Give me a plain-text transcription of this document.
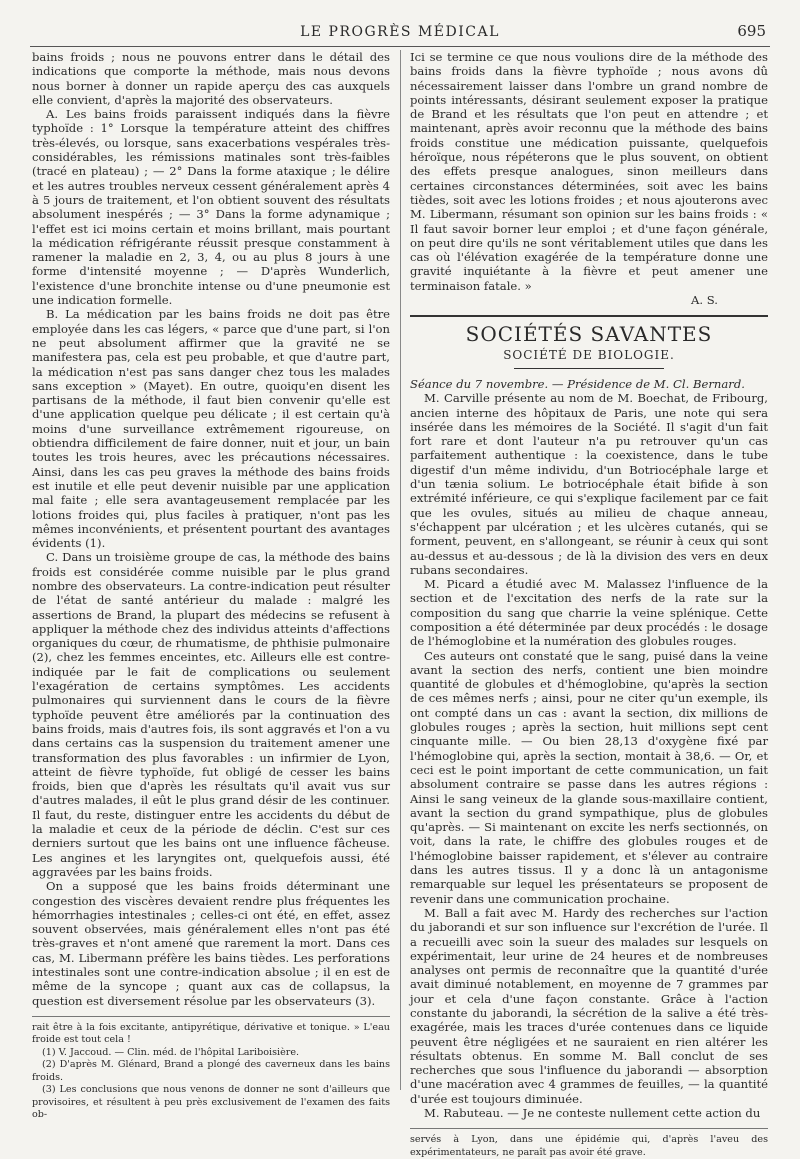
LE PROGRÈS MÉDICAL	695

bains froids ; nous ne pouvons entrer dans le détail des indications que comporte la méthode, mais nous devons nous borner à donner un rapide aperçu des cas auxquels elle convient, d'après la majorité des observateurs.

A. Les bains froids paraissent indiqués dans la fièvre typhoïde : 1° Lorsque la température atteint des chiffres très-élevés, ou lorsque, sans exacerbations vespérales très-considérables, les rémissions matinales sont très-faibles (tracé en plateau) ; — 2° Dans la forme ataxique ; le délire et les autres troubles nerveux cessent généralement après 4 à 5 jours de traitement, et l'on obtient souvent des résultats absolument inespérés ; — 3° Dans la forme adynamique ; l'effet est ici moins certain et moins brillant, mais pourtant la médication réfrigérante réussit presque constamment à ramener la maladie en 2, 3, 4, ou au plus 8 jours à une forme d'intensité moyenne ; — D'après Wunderlich, l'existence d'une bronchite intense ou d'une pneumonie est une indication formelle.

B. La médication par les bains froids ne doit pas être employée dans les cas légers, « parce que d'une part, si l'on ne peut absolument affirmer que la gravité ne se manifestera pas, cela est peu probable, et que d'autre part, la médication n'est pas sans danger chez tous les malades sans exception » (Mayet). En outre, quoiqu'en disent les partisans de la méthode, il faut bien convenir qu'elle est d'une application quelque peu délicate ; il est certain qu'à moins d'une surveillance extrêmement rigoureuse, on obtiendra difficilement de faire donner, nuit et jour, un bain toutes les trois heures, avec les précautions nécessaires. Ainsi, dans les cas peu graves la méthode des bains froids est inutile et elle peut devenir nuisible par une application mal faite ; elle sera avantageusement remplacée par les lotions froides qui, plus faciles à pratiquer, n'ont pas les mêmes inconvénients, et présentent pourtant des avantages évidents (1).

C. Dans un troisième groupe de cas, la méthode des bains froids est considérée comme nuisible par le plus grand nombre des observateurs. La contre-indication peut résulter de l'état de santé antérieur du malade : malgré les assertions de Brand, la plupart des médecins se refusent à appliquer la méthode chez des individus atteints d'affections organiques du cœur, de rhumatisme, de phthisie pulmonaire (2), chez les femmes enceintes, etc. Ailleurs elle est contre-indiquée par le fait de complications ou seulement l'exagération de certains symptômes. Les accidents pulmonaires qui surviennent dans le cours de la fièvre typhoïde peuvent être améliorés par la continuation des bains froids, mais d'autres fois, ils sont aggravés et l'on a vu dans certains cas la suspension du traitement amener une transformation des plus favorables : un infirmier de Lyon, atteint de fièvre typhoïde, fut obligé de cesser les bains froids, bien que d'après les résultats qu'il avait vus sur d'autres malades, il eût le plus grand désir de les continuer. Il faut, du reste, distinguer entre les accidents du début de la maladie et ceux de la période de déclin. C'est sur ces derniers surtout que les bains ont une influence fâcheuse. Les angines et les laryngites ont, quelquefois aussi, été aggravées par les bains froids.

On a supposé que les bains froids déterminant une congestion des viscères devaient rendre plus fréquentes les hémorrhagies intestinales ; celles-ci ont été, en effet, assez souvent observées, mais généralement elles n'ont pas été très-graves et n'ont amené que rarement la mort. Dans ces cas, M. Libermann préfère les bains tièdes. Les perforations intestinales sont une contre-indication absolue ; il en est de même de la syncope ; quant aux cas de collapsus, la question est diversement résolue par les observateurs (3).

rait être à la fois excitante, antipyrétique, dérivative et tonique. » L'eau froide est tout cela !

(1) V. Jaccoud. — Clin. méd. de l'hôpital Lariboisière.

(2) D'après M. Glénard, Brand a plongé des caverneux dans les bains froids.

(3) Les conclusions que nous venons de donner ne sont d'ailleurs que provisoires, et résultent à peu près exclusivement de l'examen des faits ob-

Ici se termine ce que nous voulions dire de la méthode des bains froids dans la fièvre typhoïde ; nous avons dû nécessairement laisser dans l'ombre un grand nombre de points intéressants, désirant seulement exposer la pratique de Brand et les résultats que l'on peut en attendre ; et maintenant, après avoir reconnu que la méthode des bains froids constitue une médication puissante, quelquefois héroïque, nous répéterons que le plus souvent, on obtient des effets presque analogues, sinon meilleurs dans certaines circonstances déterminées, soit avec les bains tièdes, soit avec les lotions froides ; et nous ajouterons avec M. Libermann, résumant son opinion sur les bains froids : « Il faut savoir borner leur emploi ; et d'une façon générale, on peut dire qu'ils ne sont véritablement utiles que dans les cas où l'élévation exagérée de la température donne une gravité inquiétante à la fièvre et peut amener une terminaison fatale. »

A. S.

SOCIÉTÉS SAVANTES
SOCIÉTÉ DE BIOLOGIE.

Séance du 7 novembre. — Présidence de M. Cl. Bernard.

M. Carville présente au nom de M. Boechat, de Fribourg, ancien interne des hôpitaux de Paris, une note qui sera insérée dans les mémoires de la Société. Il s'agit d'un fait fort rare et dont l'auteur n'a pu retrouver qu'un cas parfaitement authentique : la coexistence, dans le tube digestif d'un même individu, d'un Botriocéphale large et d'un tænia solium. Le botriocéphale était bifide à son extrémité inférieure, ce qui s'explique facilement par ce fait que les ovules, situés au milieu de chaque anneau, s'échappent par ulcération ; et les ulcères cutanés, qui se forment, peuvent, en s'allongeant, se réunir à ceux qui sont au-dessus et au-dessous ; de là la division des vers en deux rubans secondaires.

M. Picard a étudié avec M. Malassez l'influence de la section et de l'excitation des nerfs de la rate sur la composition du sang que charrie la veine splénique. Cette composition a été déterminée par deux procédés : le dosage de l'hémoglobine et la numération des globules rouges.

Ces auteurs ont constaté que le sang, puisé dans la veine avant la section des nerfs, contient une bien moindre quantité de globules et d'hémoglobine, qu'après la section de ces mêmes nerfs ; ainsi, pour ne citer qu'un exemple, ils ont compté dans un cas : avant la section, dix millions de globules rouges ; après la section, huit millions sept cent cinquante mille. — Ou bien 28,13 d'oxygène fixé par l'hémoglobine qui, après la section, montait à 38,6. — Or, et ceci est le point important de cette communication, un fait absolument contraire se passe dans les autres régions : Ainsi le sang veineux de la glande sous-maxillaire contient, avant la section du grand sympathique, plus de globules qu'après. — Si maintenant on excite les nerfs sectionnés, on voit, dans la rate, le chiffre des globules rouges et de l'hémoglobine baisser rapidement, et s'élever au contraire dans les autres tissus. Il y a donc là un antagonisme remarquable sur lequel les présentateurs se proposent de revenir dans une communication prochaine.

M. Ball a fait avec M. Hardy des recherches sur l'action du jaborandi et sur son influence sur l'excrétion de l'urée. Il a recueilli avec soin la sueur des malades sur lesquels on expérimentait, leur urine de 24 heures et de nombreuses analyses ont permis de reconnaître que la quantité d'urée avait diminué notablement, en moyenne de 7 grammes par jour et cela d'une façon constante. Grâce à l'action constante du jaborandi, la sécrétion de la salive a été très-exagérée, mais les traces d'urée contenues dans ce liquide peuvent être négligées et ne sauraient en rien altérer les résultats obtenus. En somme M. Ball conclut de ses recherches que sous l'influence du jaborandi — absorption d'une macération avec 4 grammes de feuilles, — la quantité d'urée est toujours diminuée.

M. Rabuteau. — Je ne conteste nullement cette action du

servés à Lyon, dans une épidémie qui, d'après l'aveu des expérimentateurs, ne paraît pas avoir été grave.
